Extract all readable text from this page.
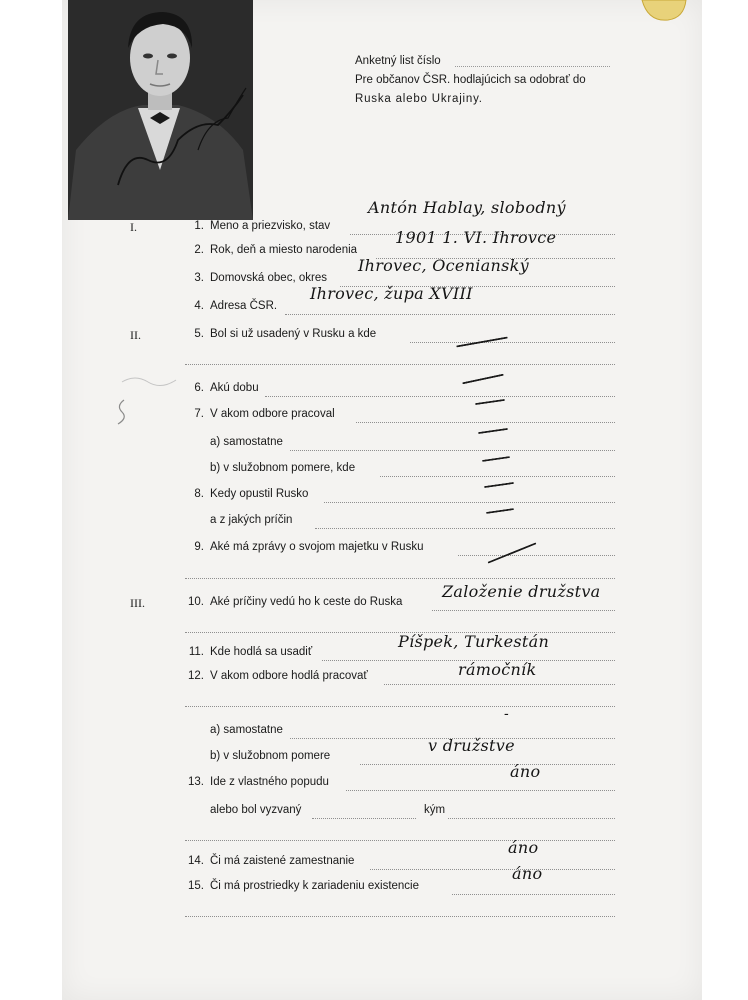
Anketný list číslo
Pre občanov ČSR. hodlajúcich sa odobrať do
Ruska alebo Ukrajiny.
I.
II.
III.
1. Meno a priezvisko, stav
Antón Hablay, slobodný
2. Rok, deň a miesto narodenia
1901 1. VI. Ihrovce
3. Domovská obec, okres
Ihrovec, Ocenianský
4. Adresa ČSR.
Ihrovec, župa XVIII
5. Bol si už usadený v Rusku a kde
6. Akú dobu
7. V akom odbore pracoval
a) samostatne
b) v služobnom pomere, kde
8. Kedy opustil Rusko
a z jakých príčin
9. Aké má zprávy o svojom majetku v Rusku
10. Aké príčiny vedú ho k ceste do Ruska
Založenie družstva
11. Kde hodlá sa usadiť
Píšpek, Turkestán
12. V akom odbore hodlá pracovať	rámočník
a) samostatne
-
b) v služobnom pomere
v družstve
13. Ide z vlastného popudu
áno
alebo bol vyzvaný	kým
14. Či má zaistené zamestnanie
áno
15. Či má prostriedky k zariadeniu existencie
áno
